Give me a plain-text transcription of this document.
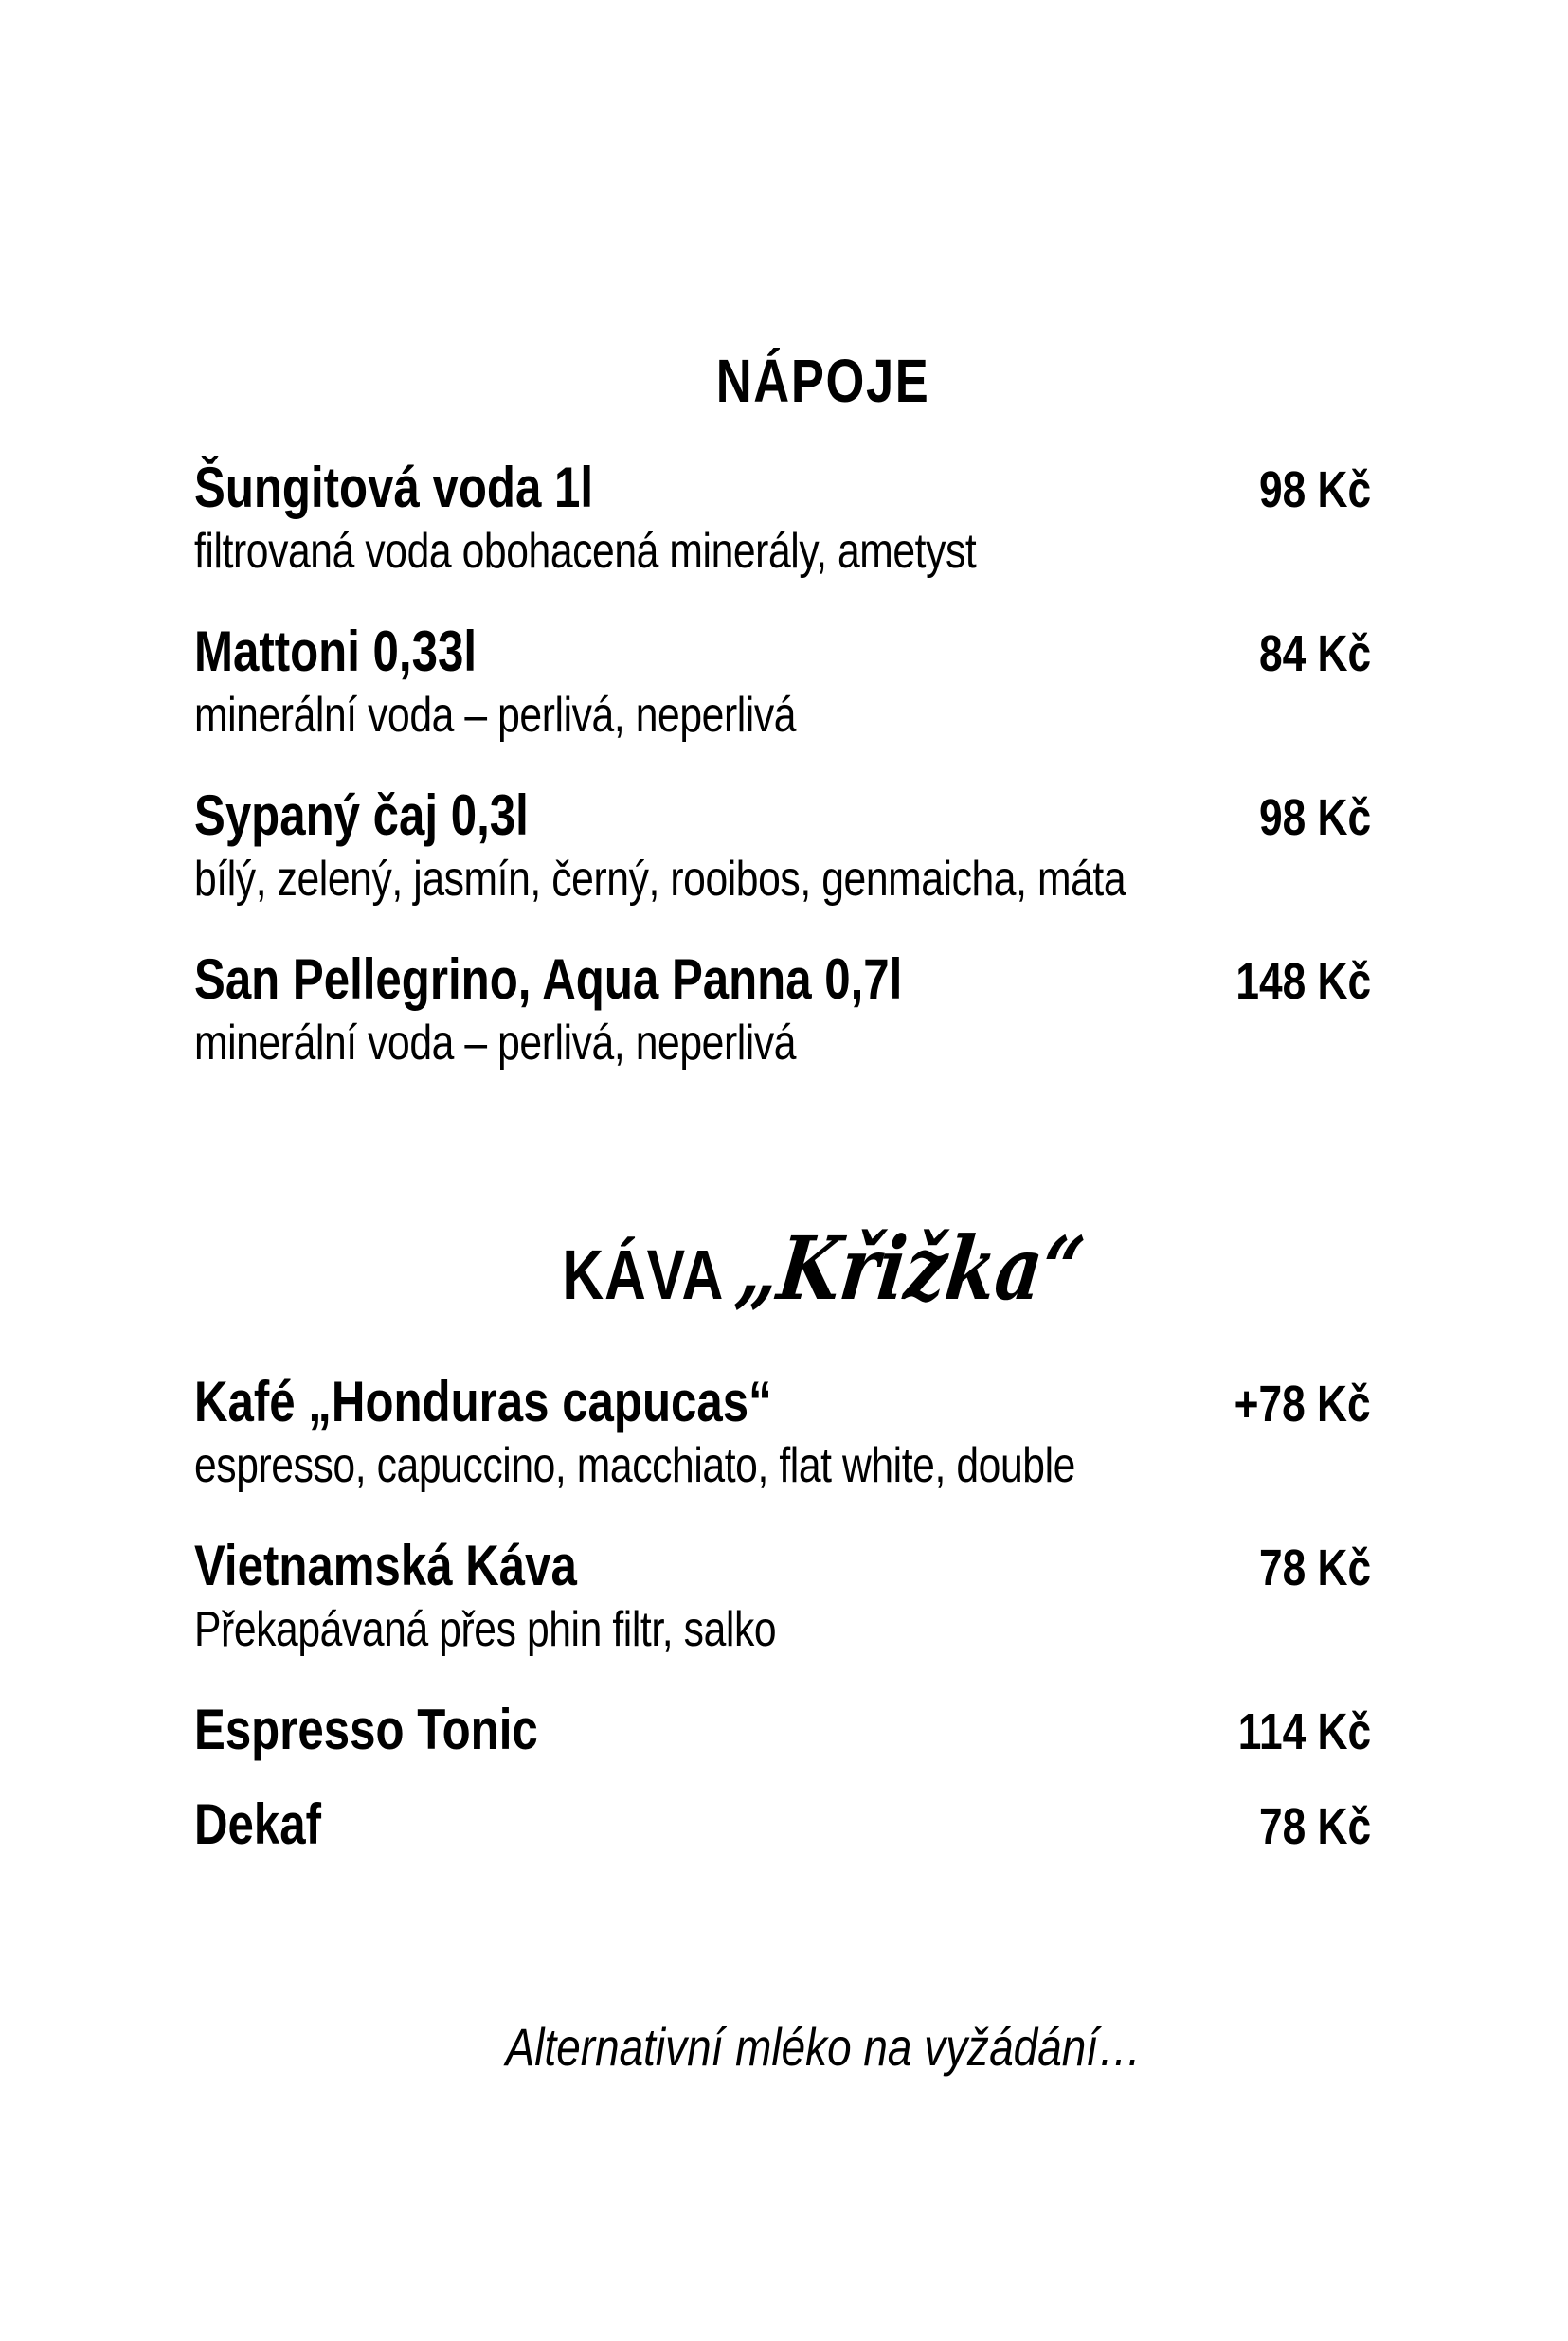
NÁPOJE
Šungitová voda 1l	98 Kč
filtrovaná voda obohacená minerály, ametyst
Mattoni 0,33l	84 Kč
minerální voda – perlivá, neperlivá
Sypaný čaj 0,3l	98 Kč
bílý, zelený, jasmín, černý, rooibos, genmaicha, máta
San Pellegrino, Aqua Panna 0,7l	148 Kč
minerální voda – perlivá, neperlivá
KÁVA„Křižka“
Kafé „Honduras capucas“	+78 Kč
espresso, capuccino, macchiato, flat white, double
Vietnamská Káva	78 Kč
Překapávaná přes phin filtr, salko
Espresso Tonic	114 Kč
Dekaf	78 Kč
Alternativní mléko na vyžádání…
